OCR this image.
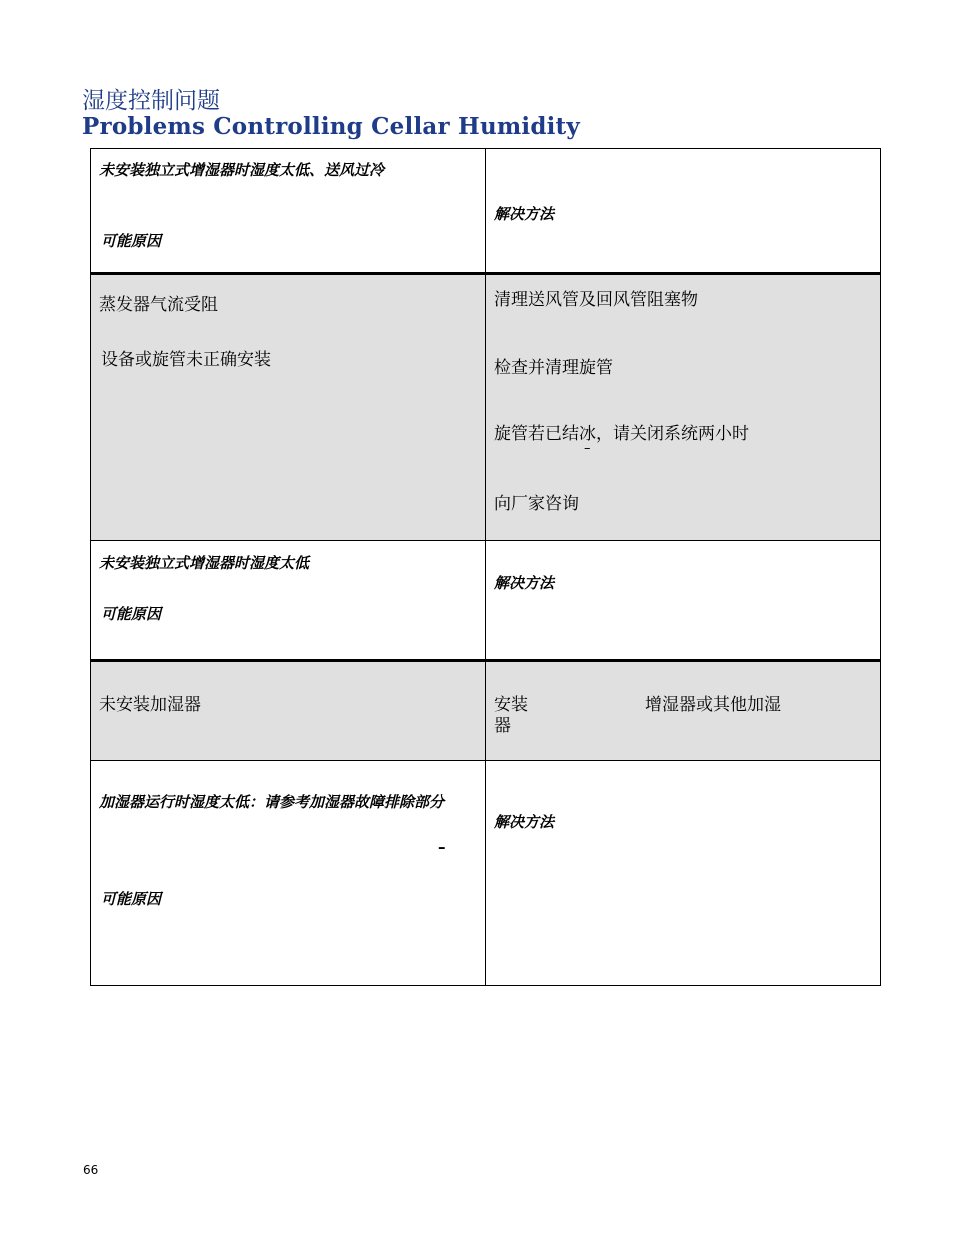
湿度控制问题
Problems Controlling Cellar Humidity
未安装独立式增湿器时湿度太低、送风过冷
可能原因
解决方法
蒸发器气流受阻
设备或旋管未正确安装
清理送风管及回风管阻塞物
检查并清理旋管
旋管若已结冰，请关闭系统两小时
–
向厂家咨询
未安装独立式增湿器时湿度太低
可能原因
解决方法
未安装加湿器	安装	增湿器或其他加湿
器
加湿器运行时湿度太低：请参考加湿器故障排除部分
–
可能原因
解决方法
66
